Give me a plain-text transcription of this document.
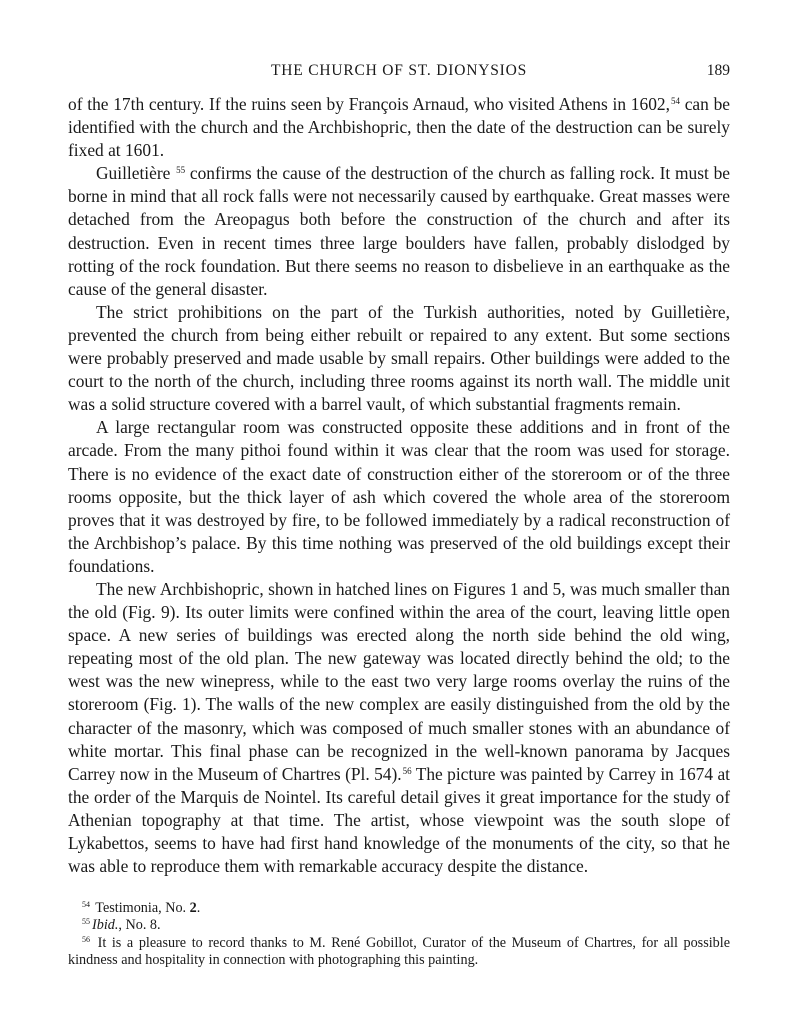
THE CHURCH OF ST. DIONYSIOS	189

of the 17th century. If the ruins seen by François Arnaud, who visited Athens in 1602,54 can be identified with the church and the Archbishopric, then the date of the destruction can be surely fixed at 1601.

Guilletière $^{55}$ confirms the cause of the destruction of the church as falling rock. It must be borne in mind that all rock falls were not necessarily caused by earthquake. Great masses were detached from the Areopagus both before the construction of the church and after its destruction. Even in recent times three large boulders have fallen, probably dislodged by rotting of the rock foundation. But there seems no reason to disbelieve in an earthquake as the cause of the general disaster.

The strict prohibitions on the part of the Turkish authorities, noted by Guilletière, prevented the church from being either rebuilt or repaired to any extent. But some sections were probably preserved and made usable by small repairs. Other buildings were added to the court to the north of the church, including three rooms against its north wall. The middle unit was a solid structure covered with a barrel vault, of which substantial fragments remain.

A large rectangular room was constructed opposite these additions and in front of the arcade. From the many pithoi found within it was clear that the room was used for storage. There is no evidence of the exact date of construction either of the storeroom or of the three rooms opposite, but the thick layer of ash which covered the whole area of the storeroom proves that it was destroyed by fire, to be followed immediately by a radical reconstruction of the Archbishop’s palace. By this time nothing was preserved of the old buildings except their foundations.

The new Archbishopric, shown in hatched lines on Figures 1 and 5, was much smaller than the old (Fig. 9). Its outer limits were confined within the area of the court, leaving little open space. A new series of buildings was erected along the north side behind the old wing, repeating most of the old plan. The new gateway was located directly behind the old; to the west was the new winepress, while to the east two very large rooms overlay the ruins of the storeroom (Fig. 1). The walls of the new complex are easily distinguished from the old by the character of the masonry, which was composed of much smaller stones with an abundance of white mortar. This final phase can be recognized in the well-known panorama by Jacques Carrey now in the Museum of Chartres (Pl. 54).$^{56}$ The picture was painted by Carrey in 1674 at the order of the Marquis de Nointel. Its careful detail gives it great importance for the study of Athenian topography at that time. The artist, whose viewpoint was the south slope of Lykabettos, seems to have had first hand knowledge of the monuments of the city, so that he was able to reproduce them with remarkable accuracy despite the distance.

$^{54}$ Testimonia, No. 2.

$^{55}$ Ibid., No. 8.

$^{56}$ It is a pleasure to record thanks to M. René Gobillot, Curator of the Museum of Chartres, for all possible kindness and hospitality in connection with photographing this painting.
